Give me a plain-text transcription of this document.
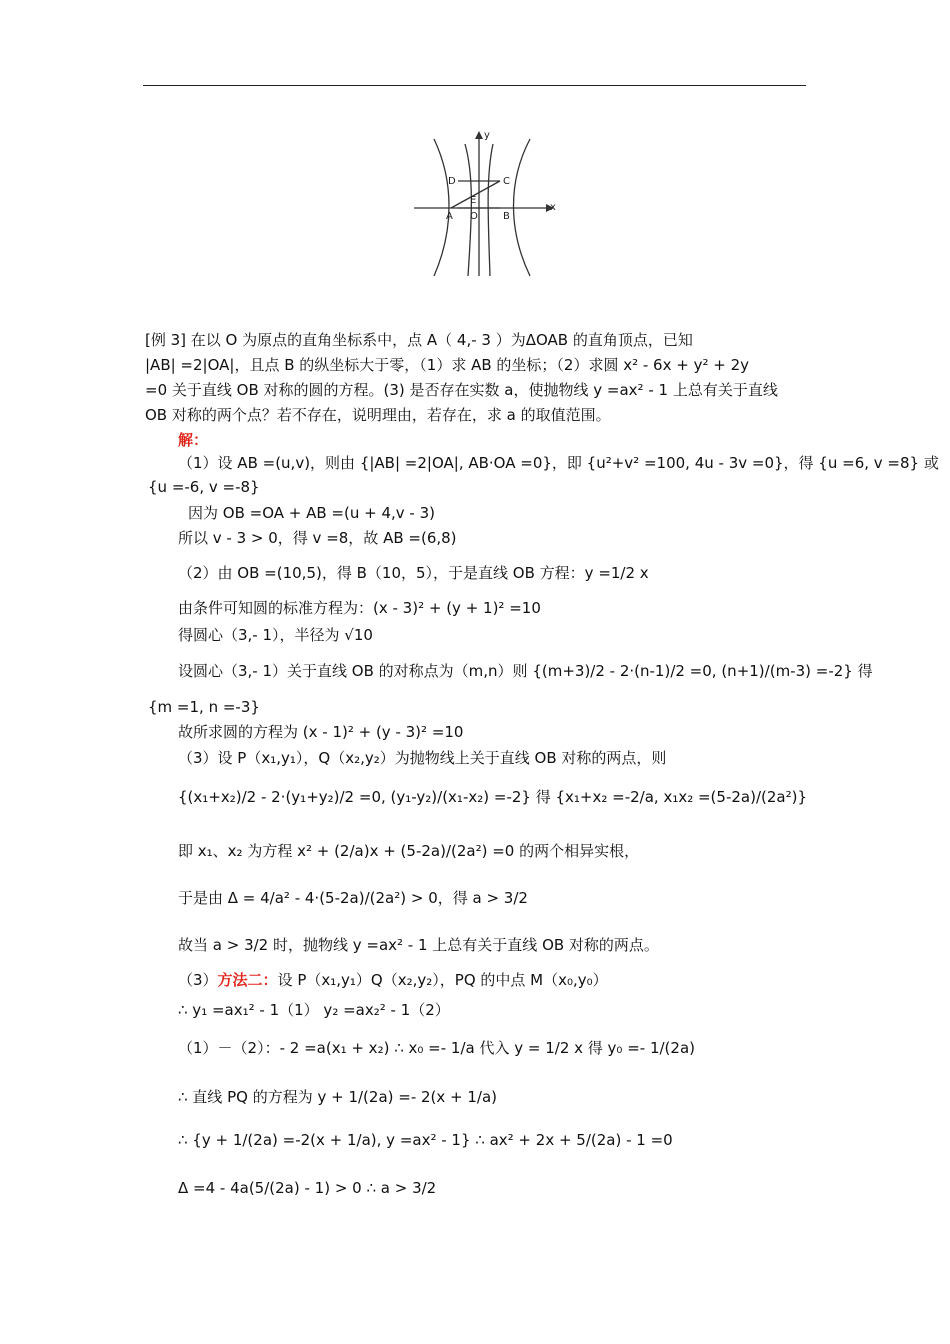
y
x
D	C
E
A O	B
[例 3] 在以 O 为原点的直角坐标系中，点 A（ 4,- 3 ）为ΔOAB 的直角顶点，已知
|AB| =2|OA|，且点 B 的纵坐标大于零，（1）求 AB 的坐标；（2）求圆 x² - 6x + y² + 2y
=0 关于直线 OB 对称的圆的方程。(3) 是否存在实数 a，使抛物线 y =ax² - 1 上总有关于直线
OB 对称的两个点？若不存在，说明理由，若存在，求 a 的取值范围。
解：
（1）设 AB =(u,v)，则由 {|AB| =2|OA|, AB·OA =0}，即 {u²+v² =100, 4u - 3v =0}，得 {u =6, v =8} 或
{u =-6, v =-8}
因为 OB =OA + AB =(u + 4,v - 3)
所以 v - 3 > 0，得 v =8，故 AB =(6,8)
（2）由 OB =(10,5)，得 B（10，5），于是直线 OB 方程：y =1/2 x
由条件可知圆的标准方程为：(x - 3)² + (y + 1)² =10
得圆心（3,- 1），半径为 √10
设圆心（3,- 1）关于直线 OB 的对称点为（m,n）则 {(m+3)/2 - 2·(n-1)/2 =0, (n+1)/(m-3) =-2} 得
{m =1, n =-3}
故所求圆的方程为 (x - 1)² + (y - 3)² =10
（3）设 P（x₁,y₁），Q（x₂,y₂）为抛物线上关于直线 OB 对称的两点，则
{(x₁+x₂)/2 - 2·(y₁+y₂)/2 =0, (y₁-y₂)/(x₁-x₂) =-2} 得 {x₁+x₂ =-2/a, x₁x₂ =(5-2a)/(2a²)}
即 x₁、x₂ 为方程 x² + (2/a)x + (5-2a)/(2a²) =0 的两个相异实根，
于是由 Δ = 4/a² - 4·(5-2a)/(2a²) > 0，得 a > 3/2
故当 a > 3/2 时，抛物线 y =ax² - 1 上总有关于直线 OB 对称的两点。
（3）方法二：设 P（x₁,y₁）Q（x₂,y₂），PQ 的中点 M（x₀,y₀）
∴ y₁ =ax₁² - 1（1） y₂ =ax₂² - 1（2）
（1）－（2）：- 2 =a(x₁ + x₂) ∴ x₀ =- 1/a 代入 y = 1/2 x 得 y₀ =- 1/(2a)
∴ 直线 PQ 的方程为 y + 1/(2a) =- 2(x + 1/a)
∴ {y + 1/(2a) =-2(x + 1/a), y =ax² - 1} ∴ ax² + 2x + 5/(2a) - 1 =0
Δ =4 - 4a(5/(2a) - 1) > 0 ∴ a > 3/2
